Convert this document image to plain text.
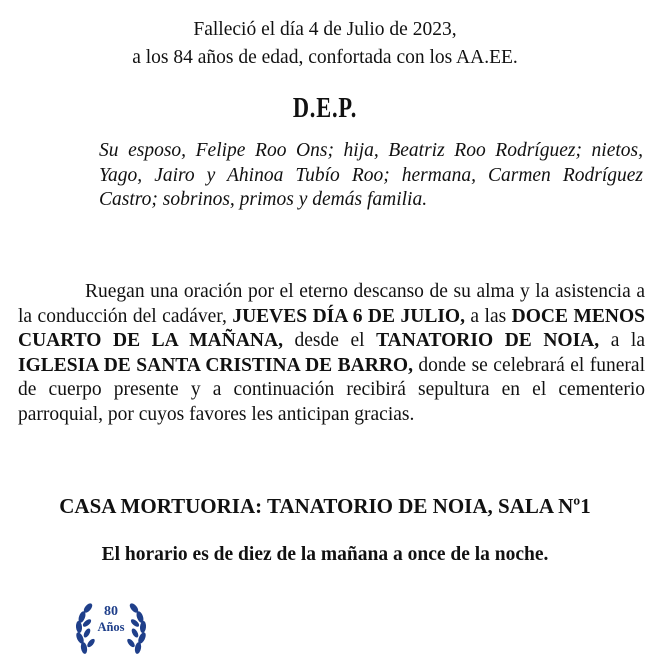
Falleció el día 4 de Julio de 2023,
a los 84 años de edad, confortada con los AA.EE.
D.E.P.
Su esposo, Felipe Roo Ons; hija, Beatriz Roo Rodríguez; nietos, Yago, Jairo y Ahinoa Tubío Roo; hermana, Carmen Rodríguez Castro; sobrinos, primos y demás familia.
Ruegan una oración por el eterno descanso de su alma y la asistencia a la conducción del cadáver, JUEVES DÍA 6 DE JULIO, a las DOCE MENOS CUARTO DE LA MAÑANA, desde el TANATORIO DE NOIA, a la IGLESIA DE SANTA CRISTINA DE BARRO, donde se celebrará el funeral de cuerpo presente y a continuación recibirá sepultura en el cementerio parroquial, por cuyos favores les anticipan gracias.
CASA MORTUORIA: TANATORIO DE NOIA, SALA Nº1
El horario es de diez de la mañana a once de la noche.
80
Años
